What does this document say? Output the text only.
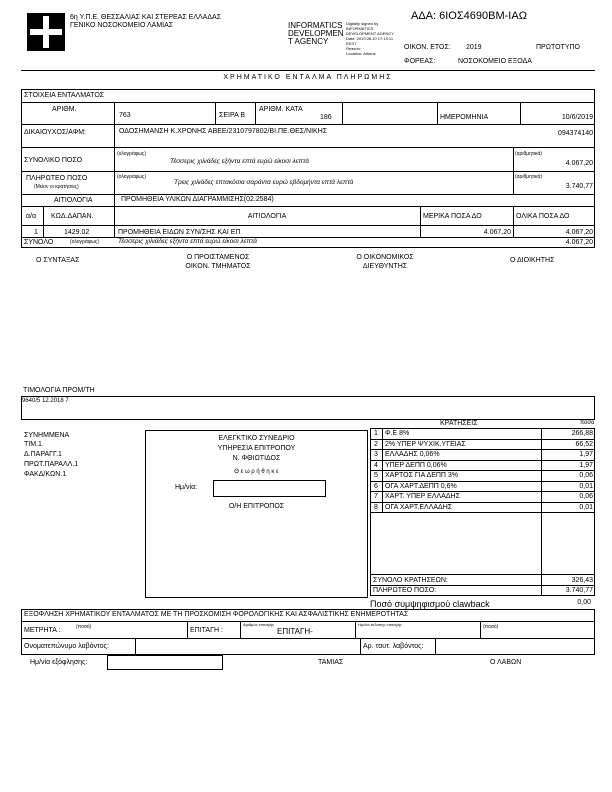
6η Υ.Π.Ε. ΘΕΣΣΑΛΙΑΣ ΚΑΙ ΣΤΕΡΕΑΣ ΕΛΛΑΔΑΣ
ΓΕΝΙΚΟ ΝΟΣΟΚΟΜΕΙΟ ΛΑΜΙΑΣ	INFORMATICS
DEVELOPMEN
T AGENCY
Digitally signed by
INFORMATICS
DEVELOPMENT AGENCY
Date: 2019.06.10 17:19:11
EEST
Reason:
Location: Athens
ΑΔΑ: 6ΙΟΣ4690ΒΜ-ΙΑΩ
ΟΙΚΟΝ. ΕΤΟΣ: 2019	ΠΡΩΤΟΤΥΠΟ
ΦΟΡΕΑΣ:	ΝΟΣΟΚΟΜΕΙΟ ΕΞΟΔΑ
ΧΡΗΜΑΤΙΚΟ ΕΝΤΑΛΜΑ ΠΛΗΡΩΜΗΣ
ΣΤΟΙΧΕΙΑ ΕΝΤΑΛΜΑΤΟΣ
ΑΡΙΘΜ.
763	ΣΕΙΡΑ Β
ΑΡΙΘΜ. ΚΑΤΑ
186	ΗΜΕΡΟΜΗΝΙΑ	10/6/2019
ΔΙΚΑΙΟΥΧΟΣ/ΑΦΜ:	ΟΔΟΣΗΜΑΝΣΗ Κ.ΧΡΟΝΗΣ ΑΒΕΕ/2310797802/ΒΙ.ΠΕ.ΘΕΣ/ΝΙΚΗΣ	094374140
ΣΥΝΟΛΙΚΟ ΠΟΣΟ
(ολογράφως)
Τέσσερις χιλιάδες εξήντα επτά ευρώ είκοσι λεπτά
(αριθμητικά)
4.067,20
ΠΛΗΡΩΤΕΟ ΠΟΣΟ
(Μείον οι κρατήσεις)
(ολογράφως)
Τρεις χιλιάδες επτακόσια σαράντα ευρώ εβδομήντα επτά λεπτά
(αριθμητικά)
3.740,77
ΑΙΤΙΟΛΟΓΙΑ	ΠΡΟΜΗΘΕΙΑ ΥΛΙΚΩΝ ΔΙΑΓΡΑΜΜΙΣΗΣ(02.2584)
α/α ΚΩΔ.ΔΑΠΑΝ.	ΑΙΤΙΟΛΟΓΙΑ	ΜΕΡΙΚΑ ΠΟΣΑ ΔΟ	ΟΛΙΚΑ ΠΟΣΑ ΔΟ
1	1429.02	ΠΡΟΜΗΘΕΙΑ ΕΙΔΩΝ ΣΥΝ/ΣΗΣ ΚΑΙ ΕΠ	4.067,20	4.067,20
ΣΥΝΟΛΟ	(ολογράφως)	Τέσσερις χιλιάδες εξήντα επτά ευρώ είκοσι λεπτά	4.067,20
Ο ΣΥΝΤΑΞΑΣ	Ο ΠΡΟΙΣΤΑΜΕΝΟΣ
ΟΙΚΟΝ. ΤΜΗΜΑΤΟΣ
Ο ΟΙΚΟΝΟΜΙΚΟΣ
ΔΙΕΥΘΥΝΤΗΣ
Ο ΔΙΟΙΚΗΤΗΣ
ΤΙΜΟΛΟΓΙΑ ΠΡΟΜ/ΤΗ
9640/5 12.2018 7
ΣΥΝΗΜΜΕΝΑ
ΤΙΜ.1
Δ.ΠΑΡΑΓΓ.1
ΠΡΩΤ.ΠΑΡΑΛΛ.1
ΦΑΚΔ/ΚΩΝ.1
ΕΛΕΓΚΤΙΚΟ ΣΥΝΕΔΡΙΟ
ΥΠΗΡΕΣΙΑ ΕΠΙΤΡΟΠΟΥ
Ν. ΦΘΙΩΤΙΔΟΣ
Θ ε ω ρ ή θ η κ ε
Ημ/νία:
Ο/Η ΕΠΙΤΡΟΠΟΣ
ΚΡΑΤΗΣΕΙΣ	ποσό
1 Φ.Ε 8%	266,88
2 2% ΥΠΕΡ ΨΥΧΙΚ.ΥΓΕΙΑΣ	66,52
3 ΕΛΛΑΔΗΣ 0,06%	1,97
4 ΥΠΕΡ ΔΕΠΠ 0,06%	1,97
5 ΧΑΡΤΟΣ ΓΙΑ ΔΕΠΠ 3%	0,06
6 ΟΓΑ ΧΑΡΤ.ΔΕΠΠ 0,6%	0,01
7 ΧΑΡΤ. ΥΠΕΡ ΕΛΛΑΔΗΣ	0,06
8 ΟΓΑ ΧΑΡΤ.ΕΛΛΑΔΗΣ	0,01
ΣΥΝΟΛΟ ΚΡΑΤΗΣΕΩΝ:	326,43
ΠΛΗΡΩΤΕΟ ΠΟΣΟ:	3.740,77
Ποσό συμψηφισμού clawback	0,00
ΕΞΟΦΛΗΣΗ ΧΡΗΜΑΤΙΚΟΥ ΕΝΤΑΛΜΑΤΟΣ ΜΕ ΤΗ ΠΡΟΣΚΟΜΙΣΗ ΦΟΡΟΛΟΓΙΚΗΣ ΚΑΙ ΑΣΦΑΛΙΣΤΙΚΗΣ ΕΝΗΜΕΡΟΤΗΤΑΣ
ΜΕΤΡΗΤΑ :	(ποσό)	ΕΠΙΤΑΓΗ :
Αριθμός επιταγής
ΕΠΙΤΑΓΗ-
Ημ/νία έκδοσης επιταγής	(ποσό)
Ονοματεπώνυμο λαβόντος:	Αρ. ταυτ. λαβόντος:
Ημ/νία εξόφλησης:	ΤΑΜΙΑΣ	Ο ΛΑΒΩΝ
